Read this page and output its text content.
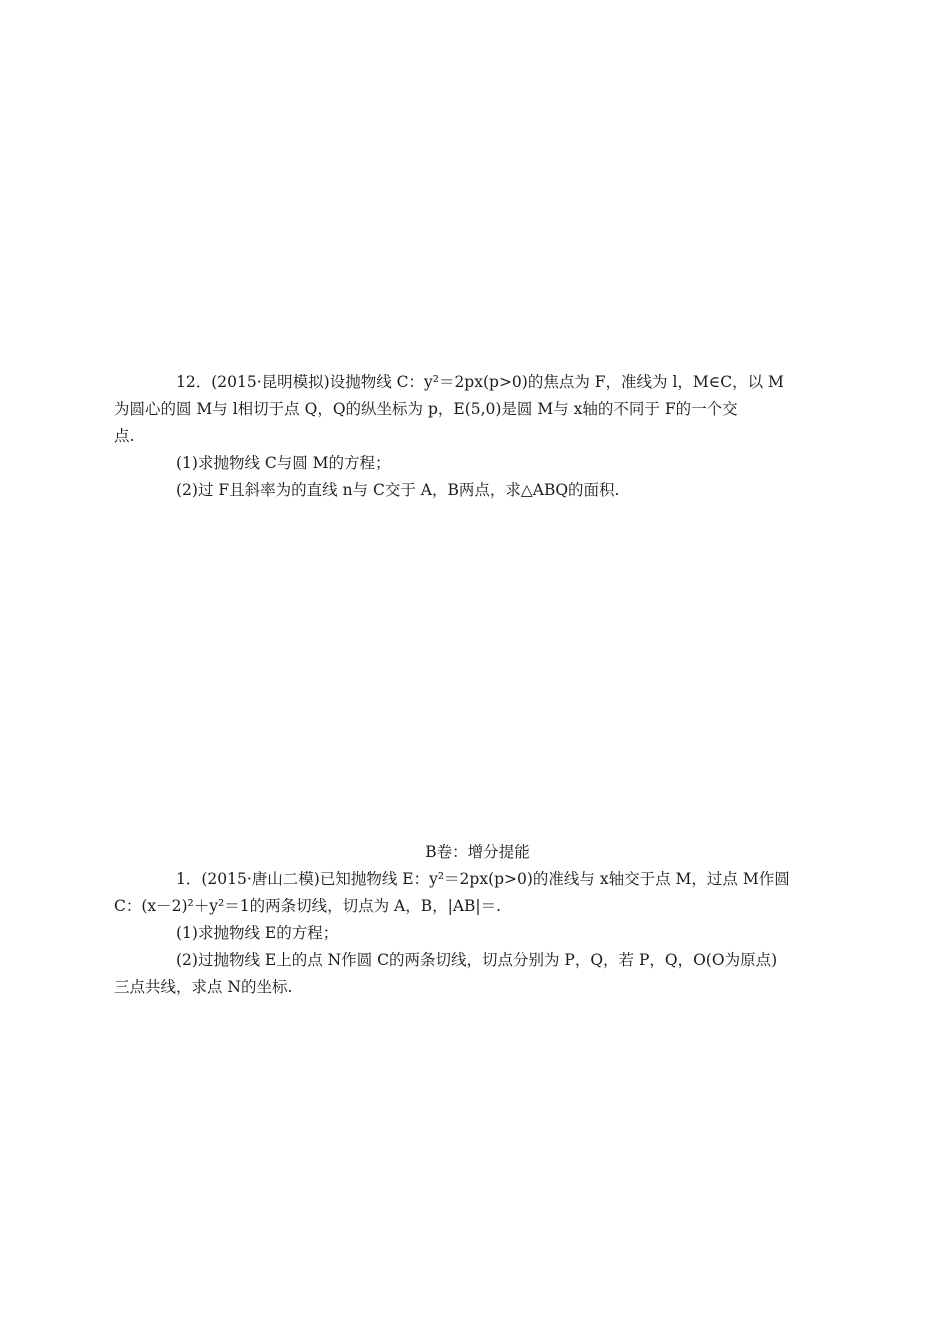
12．(2015·昆明模拟)设抛物线 C：y²＝2px(p>0)的焦点为 F，准线为 l，M∈C，以 M
为圆心的圆 M与 l相切于点 Q，Q的纵坐标为 p，E(5,0)是圆 M与 x轴的不同于 F的一个交
点.

(1)求抛物线 C与圆 M的方程；

(2)过 F且斜率为的直线 n与 C交于 A，B两点，求△ABQ的面积.

B卷：增分提能

1．(2015·唐山二模)已知抛物线 E：y²＝2px(p>0)的准线与 x轴交于点 M，过点 M作圆
C：(x－2)²＋y²＝1的两条切线，切点为 A，B，|AB|＝.

(1)求抛物线 E的方程；

(2)过抛物线 E上的点 N作圆 C的两条切线，切点分别为 P，Q，若 P，Q，O(O为原点)
三点共线，求点 N的坐标.
